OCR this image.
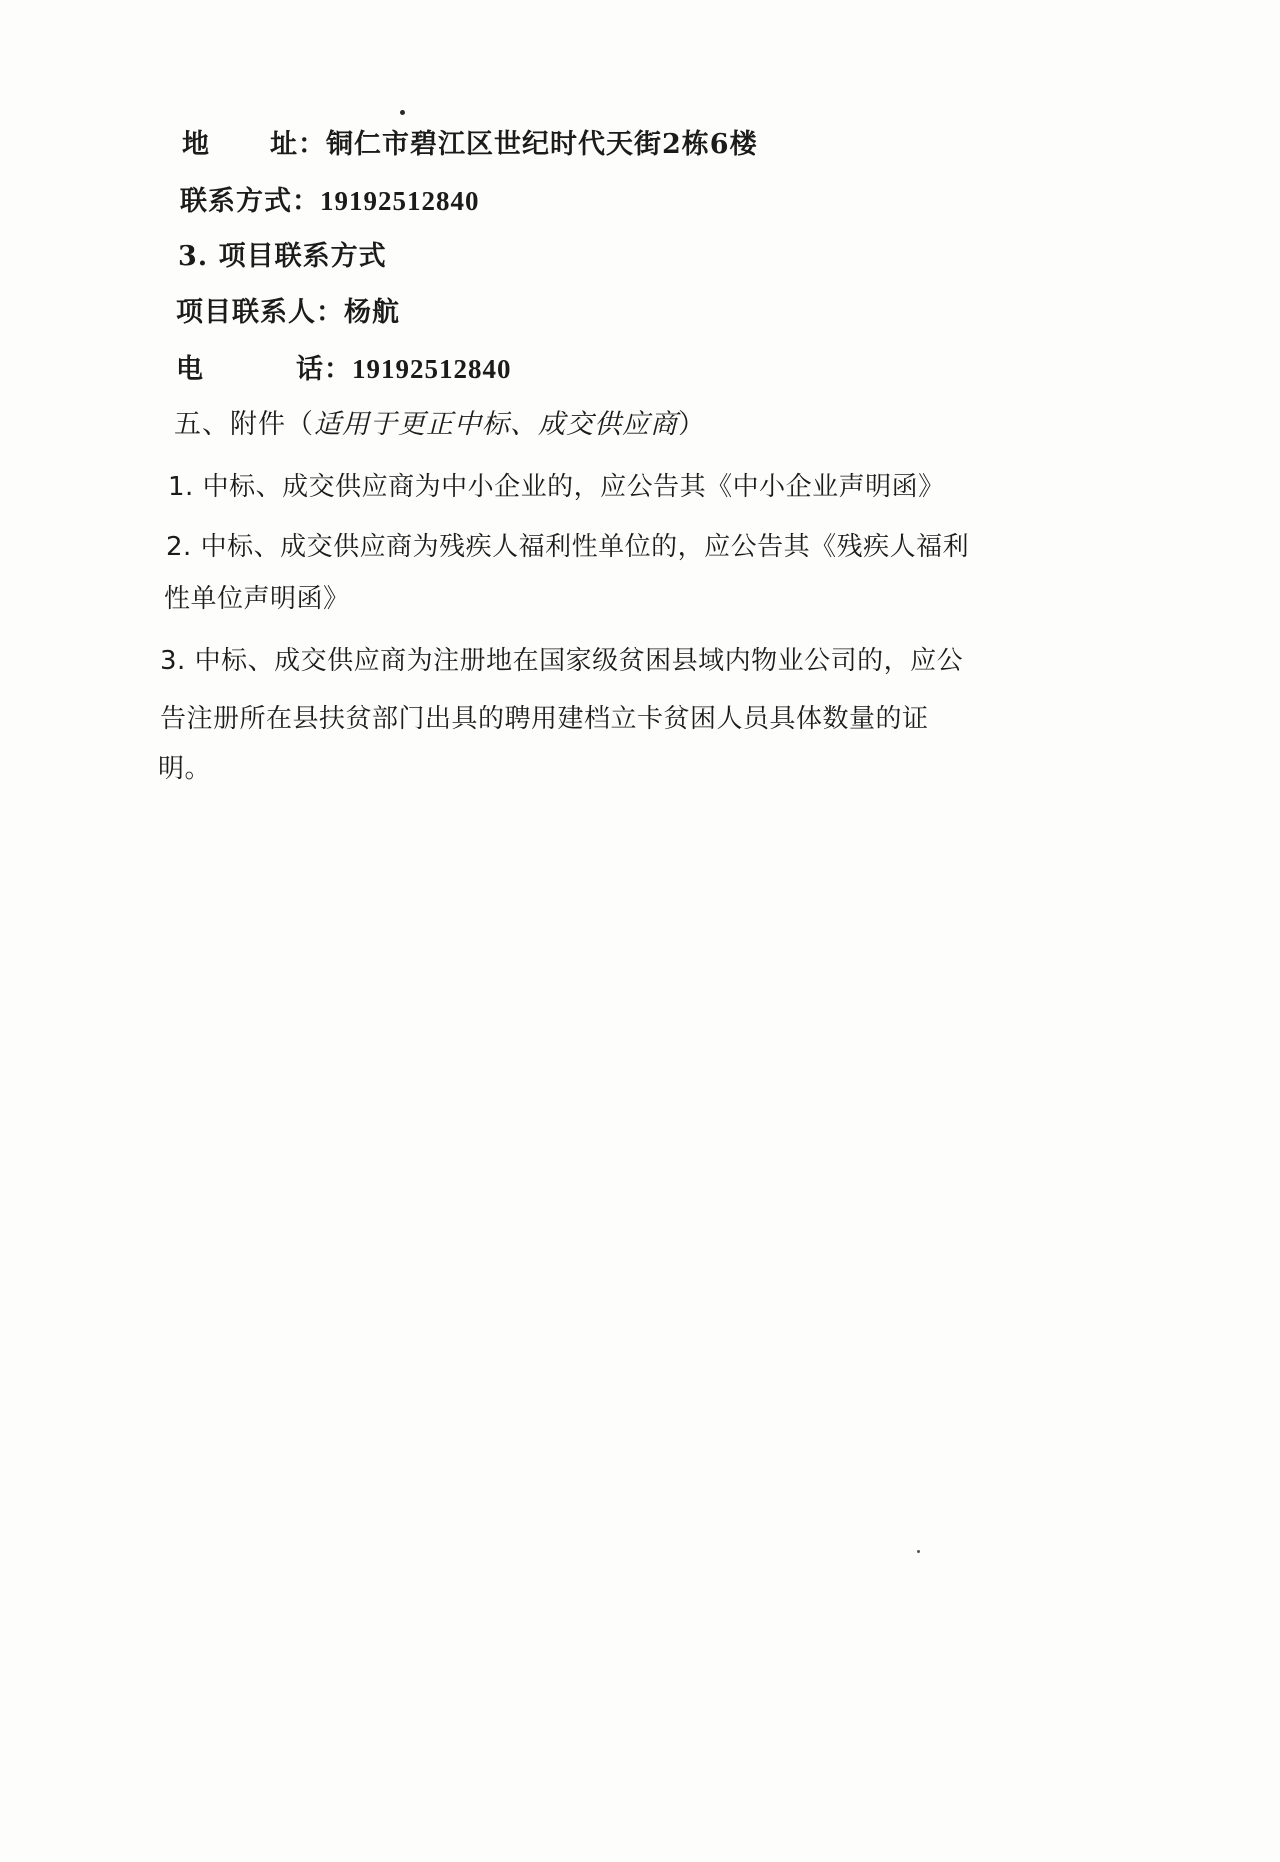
地 址：铜仁市碧江区世纪时代天街2栋6楼
联系方式：19192512840
3. 项目联系方式
项目联系人：杨航
电	话：19192512840
五、附件（适用于更正中标、成交供应商）
1. 中标、成交供应商为中小企业的，应公告其《中小企业声明函》
2. 中标、成交供应商为残疾人福利性单位的，应公告其《残疾人福利
性单位声明函》
3. 中标、成交供应商为注册地在国家级贫困县域内物业公司的，应公
告注册所在县扶贫部门出具的聘用建档立卡贫困人员具体数量的证
明。
